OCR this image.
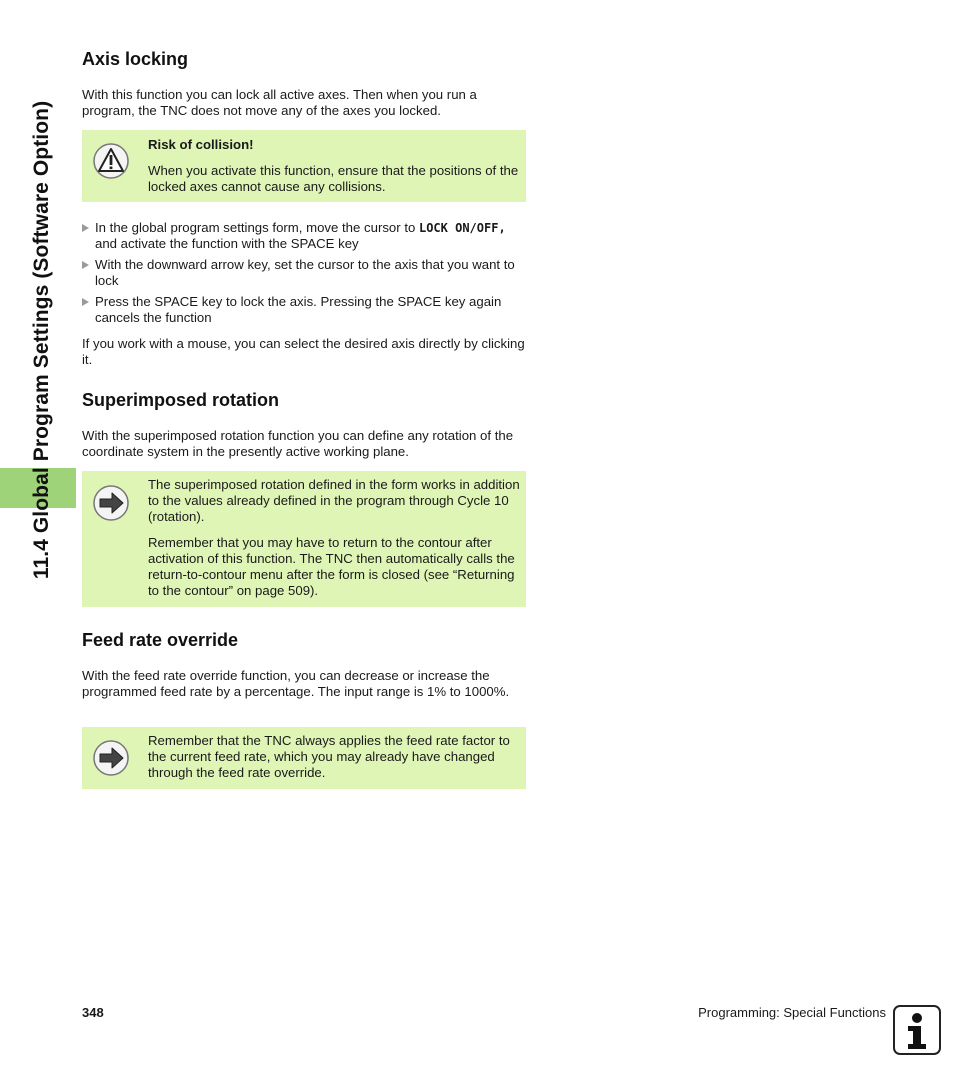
11.4 Global Program Settings (Software Option)
Axis locking

With this function you can lock all active axes. Then when you run a program, the TNC does not move any of the axes you locked.

Risk of collision!

When you activate this function, ensure that the positions of the locked axes cannot cause any collisions.

In the global program settings form, move the cursor to LOCK ON/OFF, and activate the function with the SPACE key
With the downward arrow key, set the cursor to the axis that you want to lock
Press the SPACE key to lock the axis. Pressing the SPACE key again cancels the function

If you work with a mouse, you can select the desired axis directly by clicking it.

Superimposed rotation

With the superimposed rotation function you can define any rotation of the coordinate system in the presently active working plane.

The superimposed rotation defined in the form works in addition to the values already defined in the program through Cycle 10 (rotation).

Remember that you may have to return to the contour after activation of this function. The TNC then automatically calls the return-to-contour menu after the form is closed (see “Returning to the contour” on page 509).

Feed rate override

With the feed rate override function, you can decrease or increase the programmed feed rate by a percentage. The input range is 1% to 1000%.

Remember that the TNC always applies the feed rate factor to the current feed rate, which you may already have changed through the feed rate override.

348	Programming: Special Functions
